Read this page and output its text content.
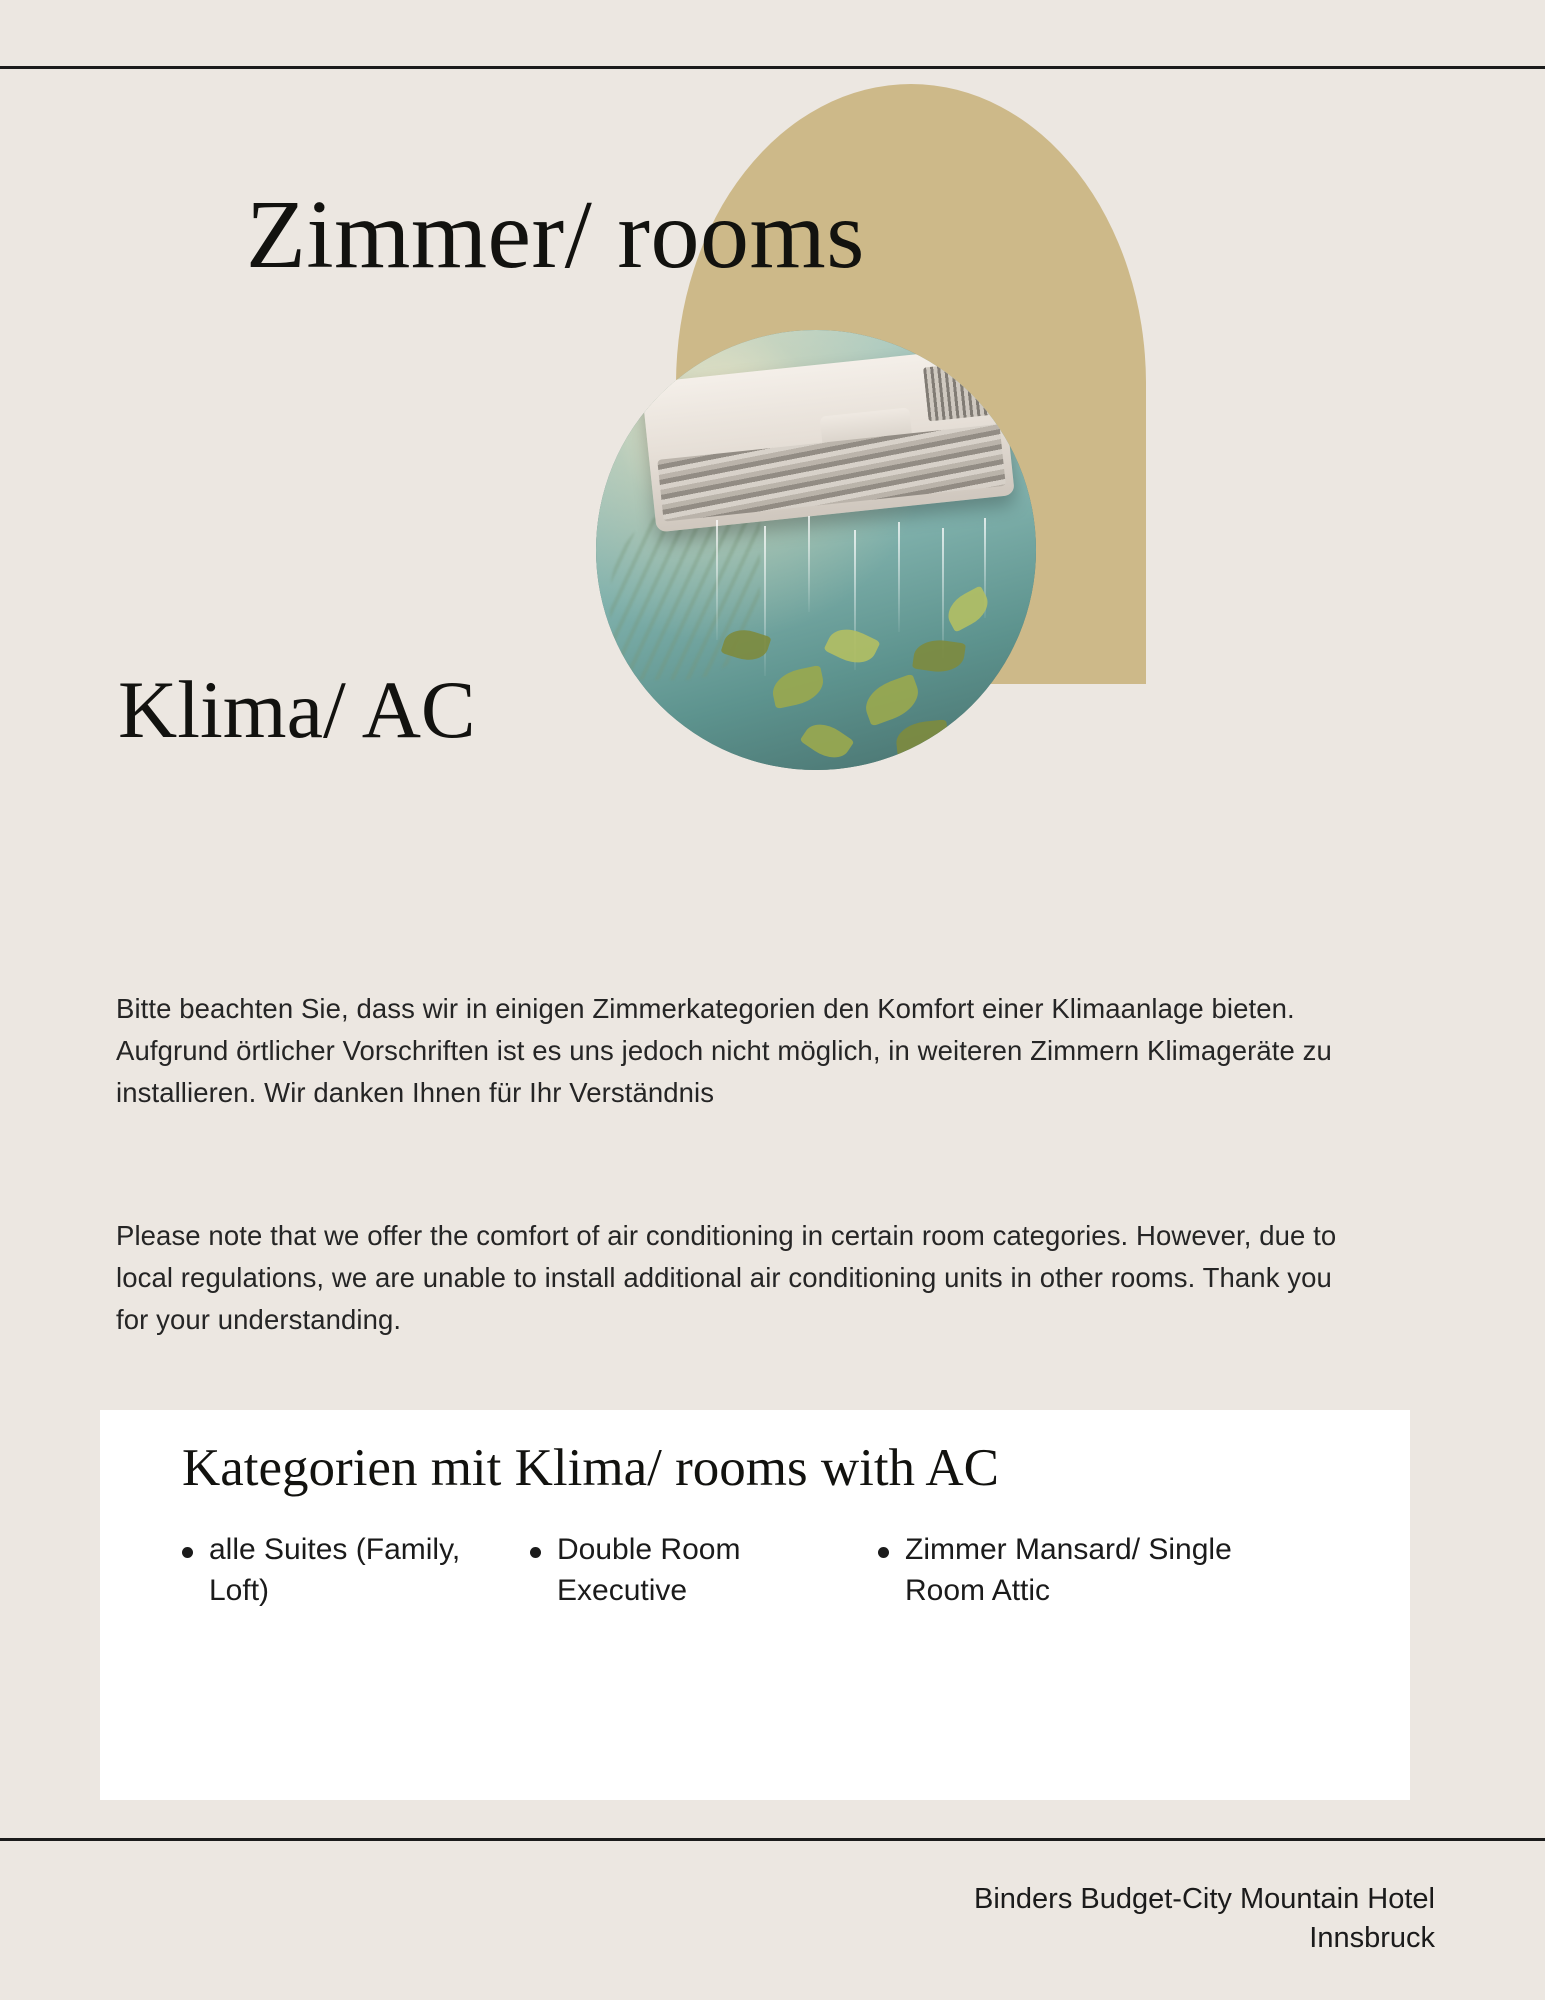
Zimmer/ rooms
Klima/ AC
Bitte beachten Sie, dass wir in einigen Zimmerkategorien den Komfort einer Klimaanlage bieten. Aufgrund örtlicher Vorschriften ist es uns jedoch nicht möglich, in weiteren Zimmern Klimageräte zu installieren. Wir danken Ihnen für Ihr Verständnis
Please note that we offer the comfort of air conditioning in certain room categories. However, due to local regulations, we are unable to install additional air conditioning units in other rooms. Thank you for your understanding.
Kategorien mit Klima/ rooms with AC
alle Suites (Family, Loft)
Double Room Executive
Zimmer Mansard/ Single Room Attic
Binders Budget-City Mountain Hotel
Innsbruck
